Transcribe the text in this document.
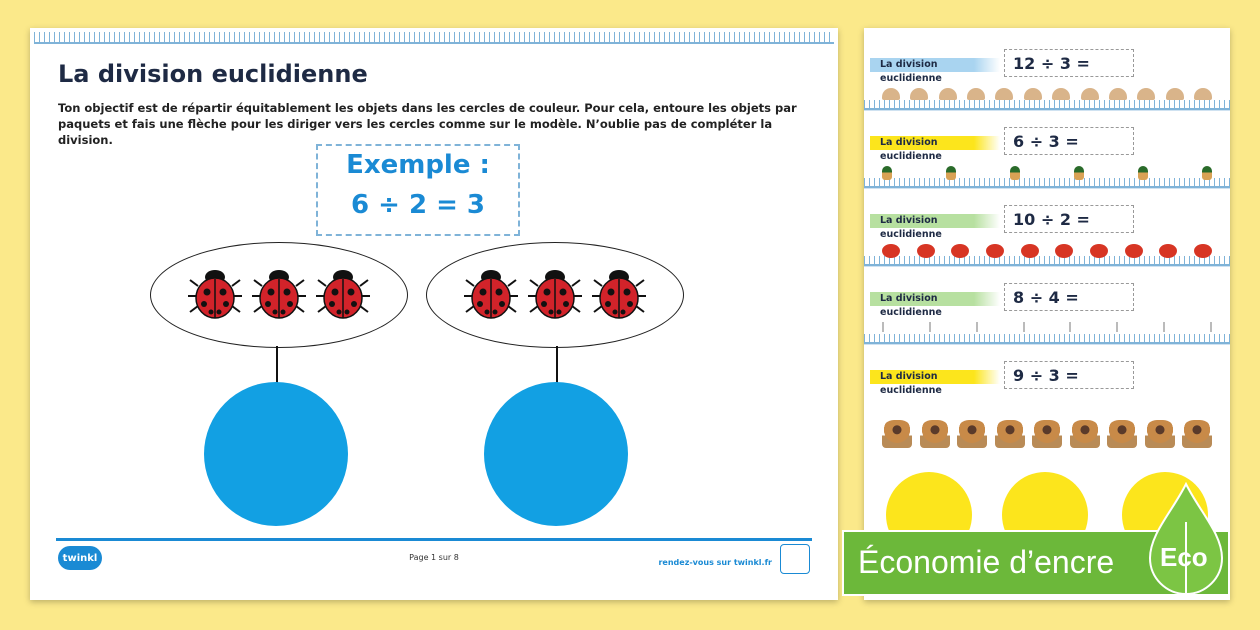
La division euclidienne
Ton objectif est de répartir équitablement les objets dans les cercles de couleur. Pour cela, entoure les objets par paquets et fais une flèche pour les diriger vers les cercles comme sur le modèle. N’oublie pas de compléter la division.
Exemple :
6 ÷ 2 = 3
twinkl	Page 1 sur 8
rendez-vous sur twinkl.fr
La division euclidienne
12 ÷ 3 =
La division euclidienne
6 ÷ 3 =
La division euclidienne
10 ÷ 2 =
La division euclidienne
8 ÷ 4 =
La division euclidienne
9 ÷ 3 =
Économie d’encre Eco
